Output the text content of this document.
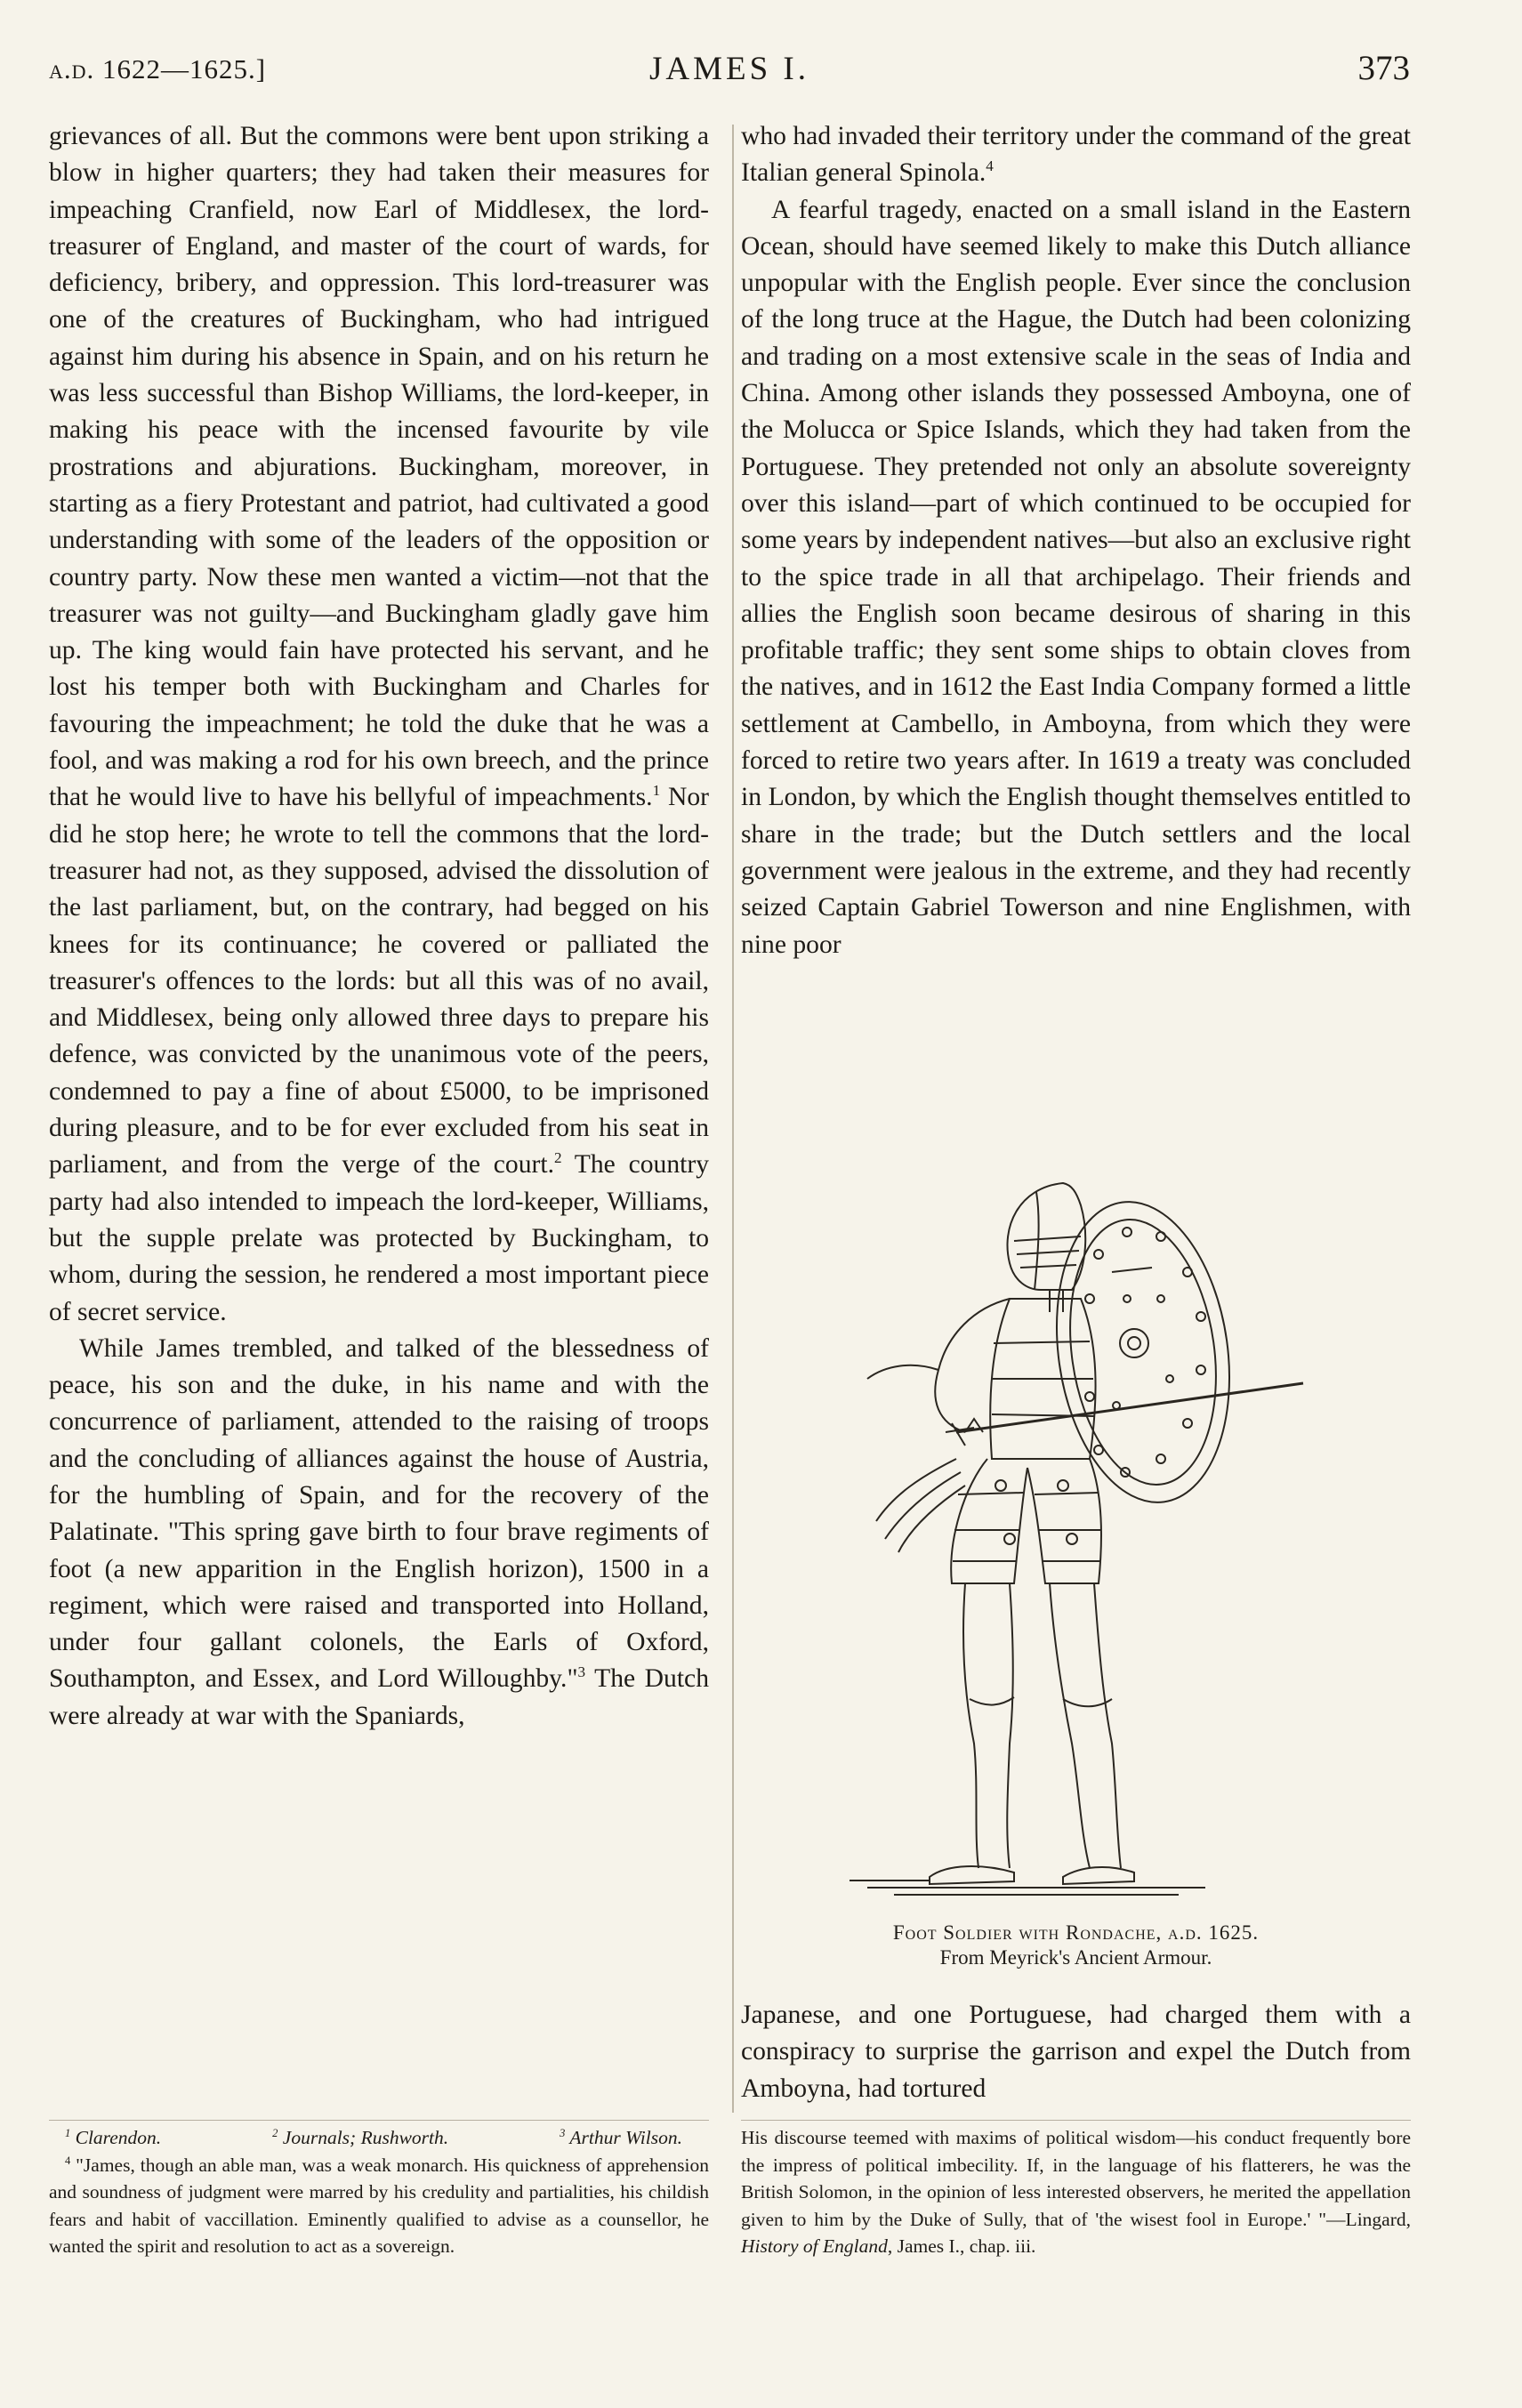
a.d. 1622—1625.]	JAMES I.	373

grievances of all. But the commons were bent upon striking a blow in higher quarters; they had taken their measures for impeaching Cranfield, now Earl of Middlesex, the lord-treasurer of England, and master of the court of wards, for deficiency, bribery, and oppression. This lord-treasurer was one of the creatures of Buckingham, who had intrigued against him during his absence in Spain, and on his return he was less successful than Bishop Williams, the lord-keeper, in making his peace with the incensed favourite by vile prostrations and abjurations. Buckingham, moreover, in starting as a fiery Protestant and patriot, had cultivated a good understanding with some of the leaders of the opposition or country party. Now these men wanted a victim—not that the treasurer was not guilty—and Buckingham gladly gave him up. The king would fain have protected his servant, and he lost his temper both with Buckingham and Charles for favouring the impeachment; he told the duke that he was a fool, and was making a rod for his own breech, and the prince that he would live to have his bellyful of impeachments.$^1$ Nor did he stop here; he wrote to tell the commons that the lord-treasurer had not, as they supposed, advised the dissolution of the last parliament, but, on the contrary, had begged on his knees for its continuance; he covered or palliated the treasurer's offences to the lords: but all this was of no avail, and Middlesex, being only allowed three days to prepare his defence, was convicted by the unanimous vote of the peers, condemned to pay a fine of about £5000, to be imprisoned during pleasure, and to be for ever excluded from his seat in parliament, and from the verge of the court.$^2$ The country party had also intended to impeach the lord-keeper, Williams, but the supple prelate was protected by Buckingham, to whom, during the session, he rendered a most important piece of secret service.

While James trembled, and talked of the blessedness of peace, his son and the duke, in his name and with the concurrence of parliament, attended to the raising of troops and the concluding of alliances against the house of Austria, for the humbling of Spain, and for the recovery of the Palatinate. "This spring gave birth to four brave regiments of foot (a new apparition in the English horizon), 1500 in a regiment, which were raised and transported into Holland, under four gallant colonels, the Earls of Oxford, Southampton, and Essex, and Lord Willoughby."$^3$ The Dutch were already at war with the Spaniards,

who had invaded their territory under the command of the great Italian general Spinola.$^4$

A fearful tragedy, enacted on a small island in the Eastern Ocean, should have seemed likely to make this Dutch alliance unpopular with the English people. Ever since the conclusion of the long truce at the Hague, the Dutch had been colonizing and trading on a most extensive scale in the seas of India and China. Among other islands they possessed Amboyna, one of the Molucca or Spice Islands, which they had taken from the Portuguese. They pretended not only an absolute sovereignty over this island—part of which continued to be occupied for some years by independent natives—but also an exclusive right to the spice trade in all that archipelago. Their friends and allies the English soon became desirous of sharing in this profitable traffic; they sent some ships to obtain cloves from the natives, and in 1612 the East India Company formed a little settlement at Cambello, in Amboyna, from which they were forced to retire two years after. In 1619 a treaty was concluded in London, by which the English thought themselves entitled to share in the trade; but the Dutch settlers and the local government were jealous in the extreme, and they had recently seized Captain Gabriel Towerson and nine Englishmen, with nine poor

Foot Soldier with Rondache, a.d. 1625.
From Meyrick's Ancient Armour.

Japanese, and one Portuguese, had charged them with a conspiracy to surprise the garrison and expel the Dutch from Amboyna, had tortured

$^1$ Clarendon.	$^2$ Journals; Rushworth.	$^3$ Arthur Wilson.

$^4$ "James, though an able man, was a weak monarch. His quickness of apprehension and soundness of judgment were marred by his credulity and partialities, his childish fears and habit of vaccillation. Eminently qualified to advise as a counsellor, he wanted the spirit and resolution to act as a sovereign.

His discourse teemed with maxims of political wisdom—his conduct frequently bore the impress of political imbecility. If, in the language of his flatterers, he was the British Solomon, in the opinion of less interested observers, he merited the appellation given to him by the Duke of Sully, that of 'the wisest fool in Europe.' "—Lingard, History of England, James I., chap. iii.
